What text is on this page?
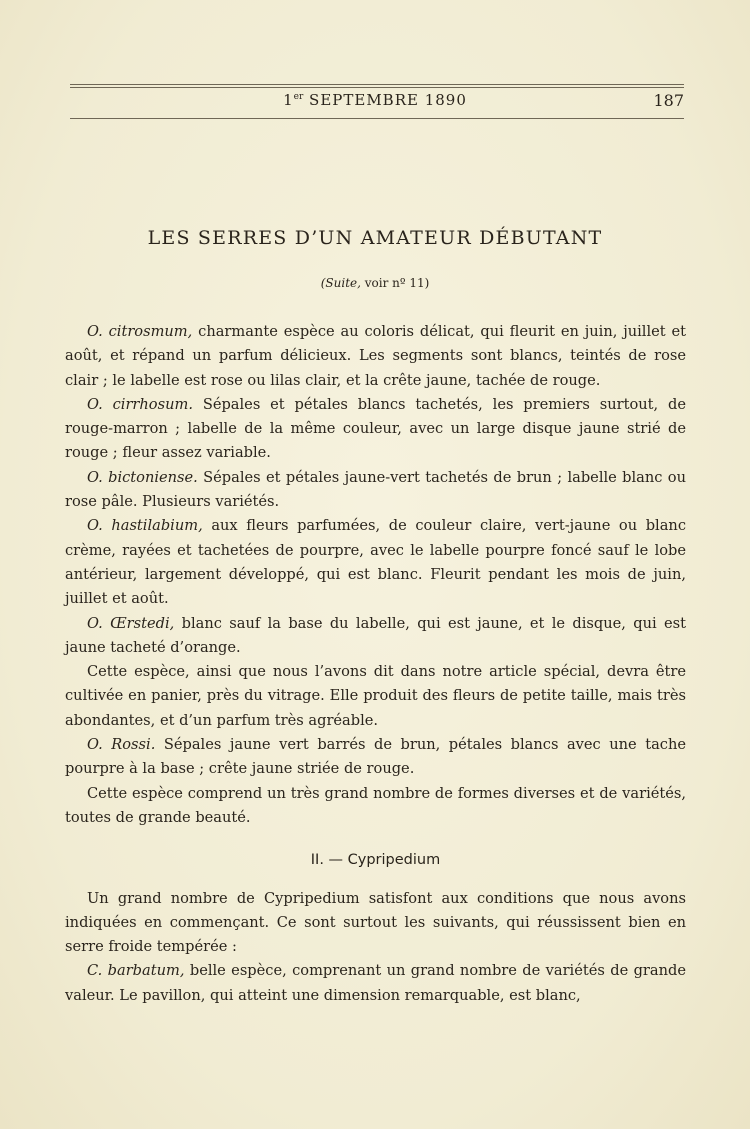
1er SEPTEMBRE 1890	187
LES SERRES D’UN AMATEUR DÉBUTANT
(Suite, voir nº 11)

O. citrosmum, charmante espèce au coloris délicat, qui fleurit en juin, juillet et août, et répand un parfum délicieux. Les segments sont blancs, teintés de rose clair ; le labelle est rose ou lilas clair, et la crête jaune, tachée de rouge.

O. cirrhosum. Sépales et pétales blancs tachetés, les premiers surtout, de rouge-marron ; labelle de la même couleur, avec un large disque jaune strié de rouge ; fleur assez variable.

O. bictoniense. Sépales et pétales jaune-vert tachetés de brun ; labelle blanc ou rose pâle. Plusieurs variétés.

O. hastilabium, aux fleurs parfumées, de couleur claire, vert-jaune ou blanc crème, rayées et tachetées de pourpre, avec le labelle pourpre foncé sauf le lobe antérieur, largement développé, qui est blanc. Fleurit pendant les mois de juin, juillet et août.

O. Œrstedi, blanc sauf la base du labelle, qui est jaune, et le disque, qui est jaune tacheté d’orange.

Cette espèce, ainsi que nous l’avons dit dans notre article spécial, devra être cultivée en panier, près du vitrage. Elle produit des fleurs de petite taille, mais très abondantes, et d’un parfum très agréable.

O. Rossi. Sépales jaune vert barrés de brun, pétales blancs avec une tache pourpre à la base ; crête jaune striée de rouge.

Cette espèce comprend un très grand nombre de formes diverses et de variétés, toutes de grande beauté.

II. — Cypripedium

Un grand nombre de Cypripedium satisfont aux conditions que nous avons indiquées en commençant. Ce sont surtout les suivants, qui réussissent bien en serre froide tempérée :

C. barbatum, belle espèce, comprenant un grand nombre de variétés de grande valeur. Le pavillon, qui atteint une dimension remarquable, est blanc,
